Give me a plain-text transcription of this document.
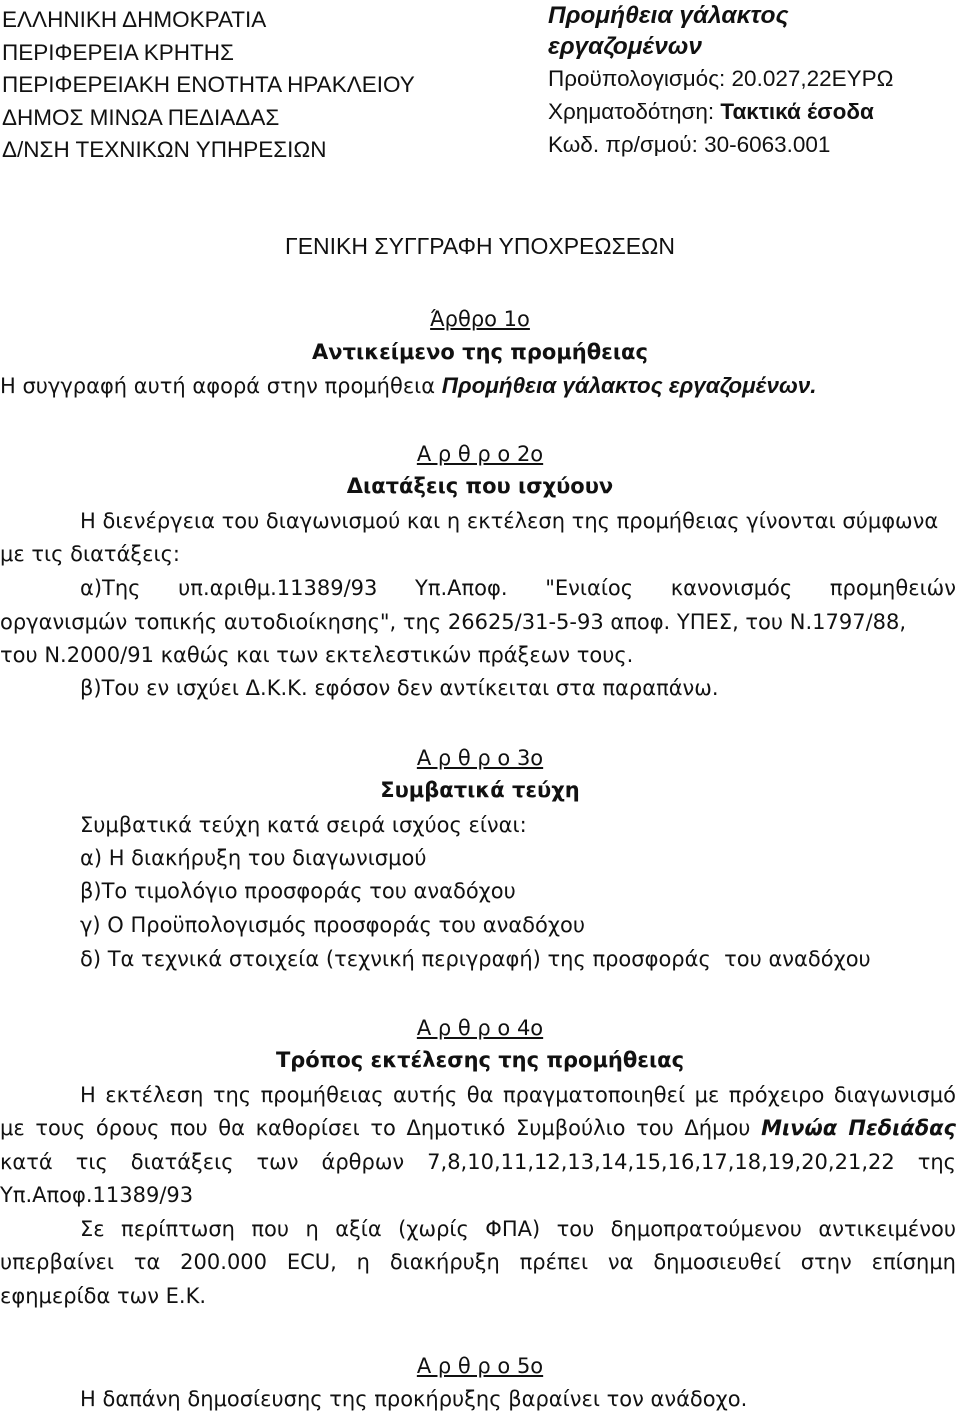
ΕΛΛΗΝΙΚΗ ΔΗΜΟΚΡΑΤΙΑ
ΠΕΡΙΦΕΡΕΙΑ ΚΡΗΤΗΣ
ΠΕΡΙΦΕΡΕΙΑΚΗ ΕΝΟΤΗΤΑ ΗΡΑΚΛΕΙΟΥ
ΔΗΜΟΣ ΜΙΝΩΑ ΠΕΔΙΑΔΑΣ
Δ/ΝΣΗ ΤΕΧΝΙΚΩΝ ΥΠΗΡΕΣΙΩΝ
Προμήθεια γάλακτος
εργαζομένων
Προϋπολογισμός: 20.027,22ΕΥΡΩ
Χρηματοδότηση: Τακτικά έσοδα
Κωδ. πρ/σμού: 30-6063.001
ΓΕΝΙΚΗ ΣΥΓΓΡΑΦΗ ΥΠΟΧΡΕΩΣΕΩΝ
Άρθρο 1ο
Αντικείμενο της προμήθειας
Η συγγραφή αυτή αφορά στην προμήθεια Προμήθεια γάλακτος εργαζομένων.
Α ρ θ ρ ο 2ο
Διατάξεις που ισχύουν
Η διενέργεια του διαγωνισμού και η εκτέλεση της προμήθειας γίνονται σύμφωνα
με τις διατάξεις:
α)Της υπ.αριθμ.11389/93 Υπ.Αποφ. "Ενιαίος κανονισμός προμηθειών
οργανισμών τοπικής αυτοδιοίκησης", της 26625/31-5-93 αποφ. ΥΠΕΣ, του Ν.1797/88,
του Ν.2000/91 καθώς και των εκτελεστικών πράξεων τους.
β)Του εν ισχύει Δ.Κ.Κ. εφόσον δεν αντίκειται στα παραπάνω.
Α ρ θ ρ ο 3ο
Συμβατικά τεύχη
Συμβατικά τεύχη κατά σειρά ισχύος είναι:
α) Η διακήρυξη του διαγωνισμού
β)Το τιμολόγιο προσφοράς του αναδόχου
γ) Ο Προϋπολογισμός προσφοράς του αναδόχου
δ) Τα τεχνικά στοιχεία (τεχνική περιγραφή) της προσφοράς  του αναδόχου
Α ρ θ ρ ο 4ο
Τρόπος εκτέλεσης της προμήθειας
Η εκτέλεση της προμήθειας αυτής θα πραγματοποιηθεί με πρόχειρο διαγωνισμό
με τους όρους που θα καθορίσει το Δημοτικό Συμβούλιο του Δήμου Μινώα Πεδιάδας
κατά τις διατάξεις των άρθρων 7,8,10,11,12,13,14,15,16,17,18,19,20,21,22 της
Υπ.Αποφ.11389/93
Σε περίπτωση που η αξία (χωρίς ΦΠΑ) του δημοπρατούμενου αντικειμένου
υπερβαίνει τα 200.000 ECU, η διακήρυξη πρέπει να δημοσιευθεί στην επίσημη
εφημερίδα των Ε.Κ.
Α ρ θ ρ ο 5ο
Η δαπάνη δημοσίευσης της προκήρυξης βαραίνει τον ανάδοχο.
